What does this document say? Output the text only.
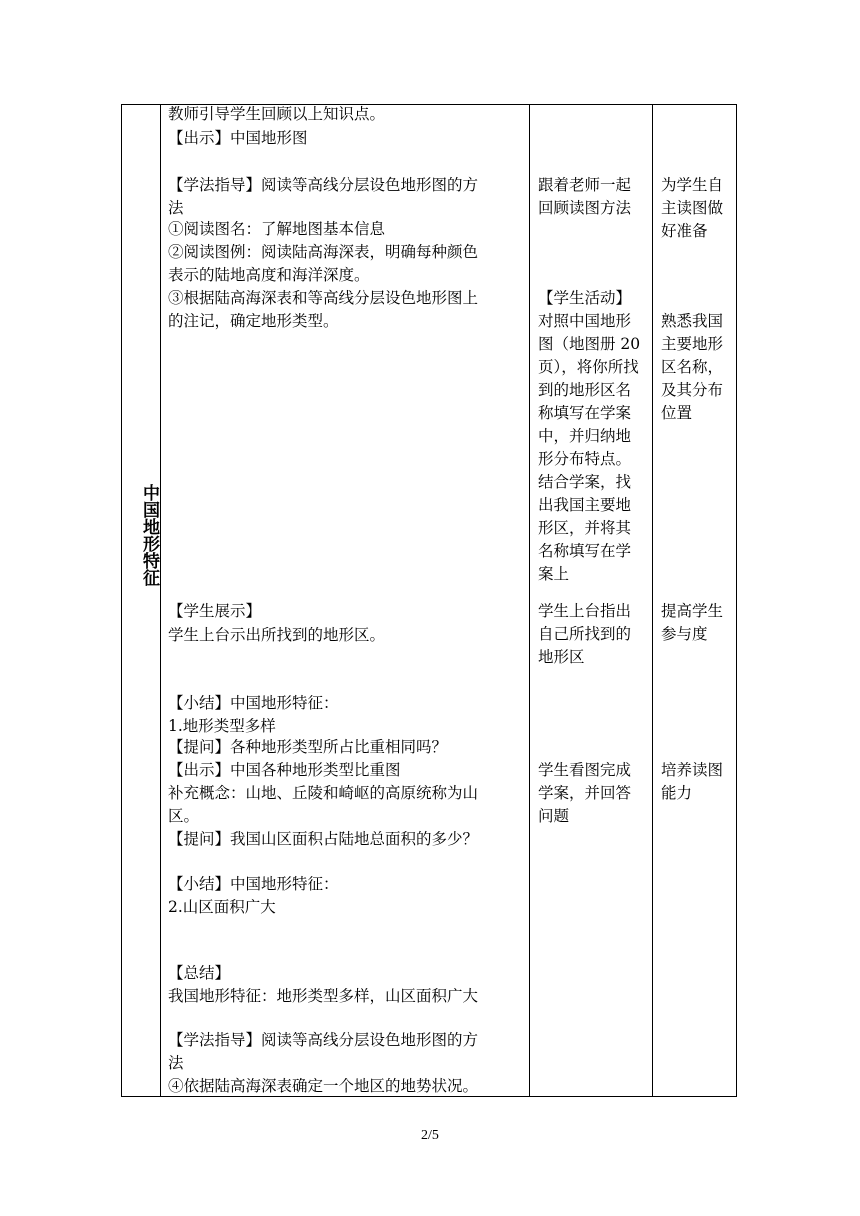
中国地形特征
教师引导学生回顾以上知识点。
【出示】中国地形图
【学法指导】阅读等高线分层设色地形图的方
法
①阅读图名：了解地图基本信息
②阅读图例：阅读陆高海深表，明确每种颜色
表示的陆地高度和海洋深度。
③根据陆高海深表和等高线分层设色地形图上
的注记，确定地形类型。
【学生展示】
学生上台示出所找到的地形区。
【小结】中国地形特征：
1.地形类型多样
【提问】各种地形类型所占比重相同吗？
【出示】中国各种地形类型比重图
补充概念：山地、丘陵和崎岖的高原统称为山
区。
【提问】我国山区面积占陆地总面积的多少？
【小结】中国地形特征：
2.山区面积广大
【总结】
我国地形特征：地形类型多样，山区面积广大
【学法指导】阅读等高线分层设色地形图的方
法
④依据陆高海深表确定一个地区的地势状况。
跟着老师一起
回顾读图方法
【学生活动】
对照中国地形
图（地图册 20
页），将你所找
到的地形区名
称填写在学案
中，并归纳地
形分布特点。
结合学案，找
出我国主要地
形区，并将其
名称填写在学
案上
学生上台指出
自己所找到的
地形区
学生看图完成
学案，并回答
问题
为学生自
主读图做
好准备
熟悉我国
主要地形
区名称，
及其分布
位置
提高学生
参与度
培养读图
能力
2/5
